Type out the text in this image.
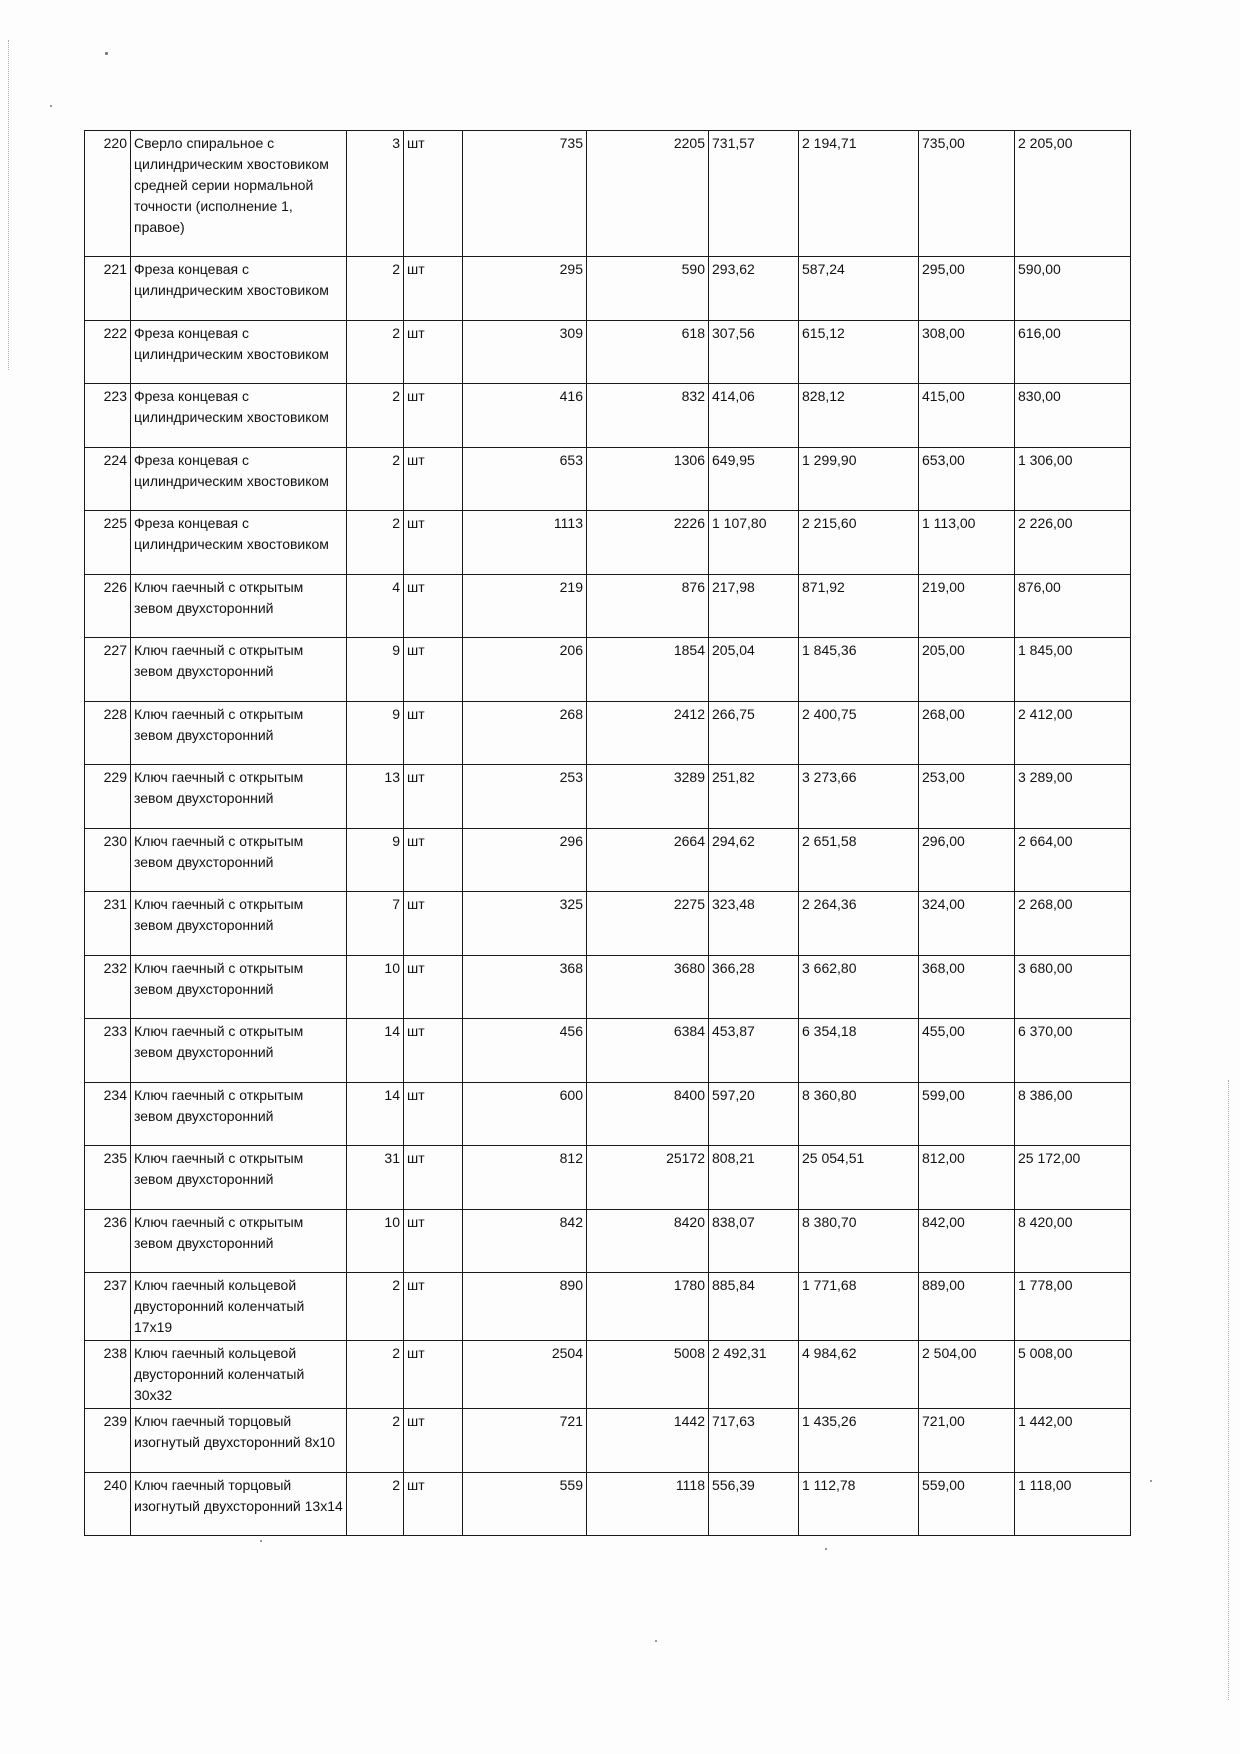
220	Сверло спиральное с цилиндрическим хвостовиком средней серии нормальной точности (исполнение 1, правое)	3	шт	735	2205	731,57	2 194,71	735,00	2 205,00
221	Фреза концевая с цилиндрическим хвостовиком	2	шт	295	590	293,62	587,24	295,00	590,00
222	Фреза концевая с цилиндрическим хвостовиком	2	шт	309	618	307,56	615,12	308,00	616,00
223	Фреза концевая с цилиндрическим хвостовиком	2	шт	416	832	414,06	828,12	415,00	830,00
224	Фреза концевая с цилиндрическим хвостовиком	2	шт	653	1306	649,95	1 299,90	653,00	1 306,00
225	Фреза концевая с цилиндрическим хвостовиком	2	шт	1113	2226	1 107,80	2 215,60	1 113,00	2 226,00
226	Ключ гаечный с открытым зевом двухсторонний	4	шт	219	876	217,98	871,92	219,00	876,00
227	Ключ гаечный с открытым зевом двухсторонний	9	шт	206	1854	205,04	1 845,36	205,00	1 845,00
228	Ключ гаечный с открытым зевом двухсторонний	9	шт	268	2412	266,75	2 400,75	268,00	2 412,00
229	Ключ гаечный с открытым зевом двухсторонний	13	шт	253	3289	251,82	3 273,66	253,00	3 289,00
230	Ключ гаечный с открытым зевом двухсторонний	9	шт	296	2664	294,62	2 651,58	296,00	2 664,00
231	Ключ гаечный с открытым зевом двухсторонний	7	шт	325	2275	323,48	2 264,36	324,00	2 268,00
232	Ключ гаечный с открытым зевом двухсторонний	10	шт	368	3680	366,28	3 662,80	368,00	3 680,00
233	Ключ гаечный с открытым зевом двухсторонний	14	шт	456	6384	453,87	6 354,18	455,00	6 370,00
234	Ключ гаечный с открытым зевом двухсторонний	14	шт	600	8400	597,20	8 360,80	599,00	8 386,00
235	Ключ гаечный с открытым зевом двухсторонний	31	шт	812	25172	808,21	25 054,51	812,00	25 172,00
236	Ключ гаечный с открытым зевом двухсторонний	10	шт	842	8420	838,07	8 380,70	842,00	8 420,00
237	Ключ гаечный кольцевой двусторонний коленчатый 17x19	2	шт	890	1780	885,84	1 771,68	889,00	1 778,00
238	Ключ гаечный кольцевой двусторонний коленчатый 30x32	2	шт	2504	5008	2 492,31	4 984,62	2 504,00	5 008,00
239	Ключ гаечный торцовый изогнутый двухсторонний 8x10	2	шт	721	1442	717,63	1 435,26	721,00	1 442,00
240	Ключ гаечный торцовый изогнутый двухсторонний 13x14	2	шт	559	1118	556,39	1 112,78	559,00	1 118,00
